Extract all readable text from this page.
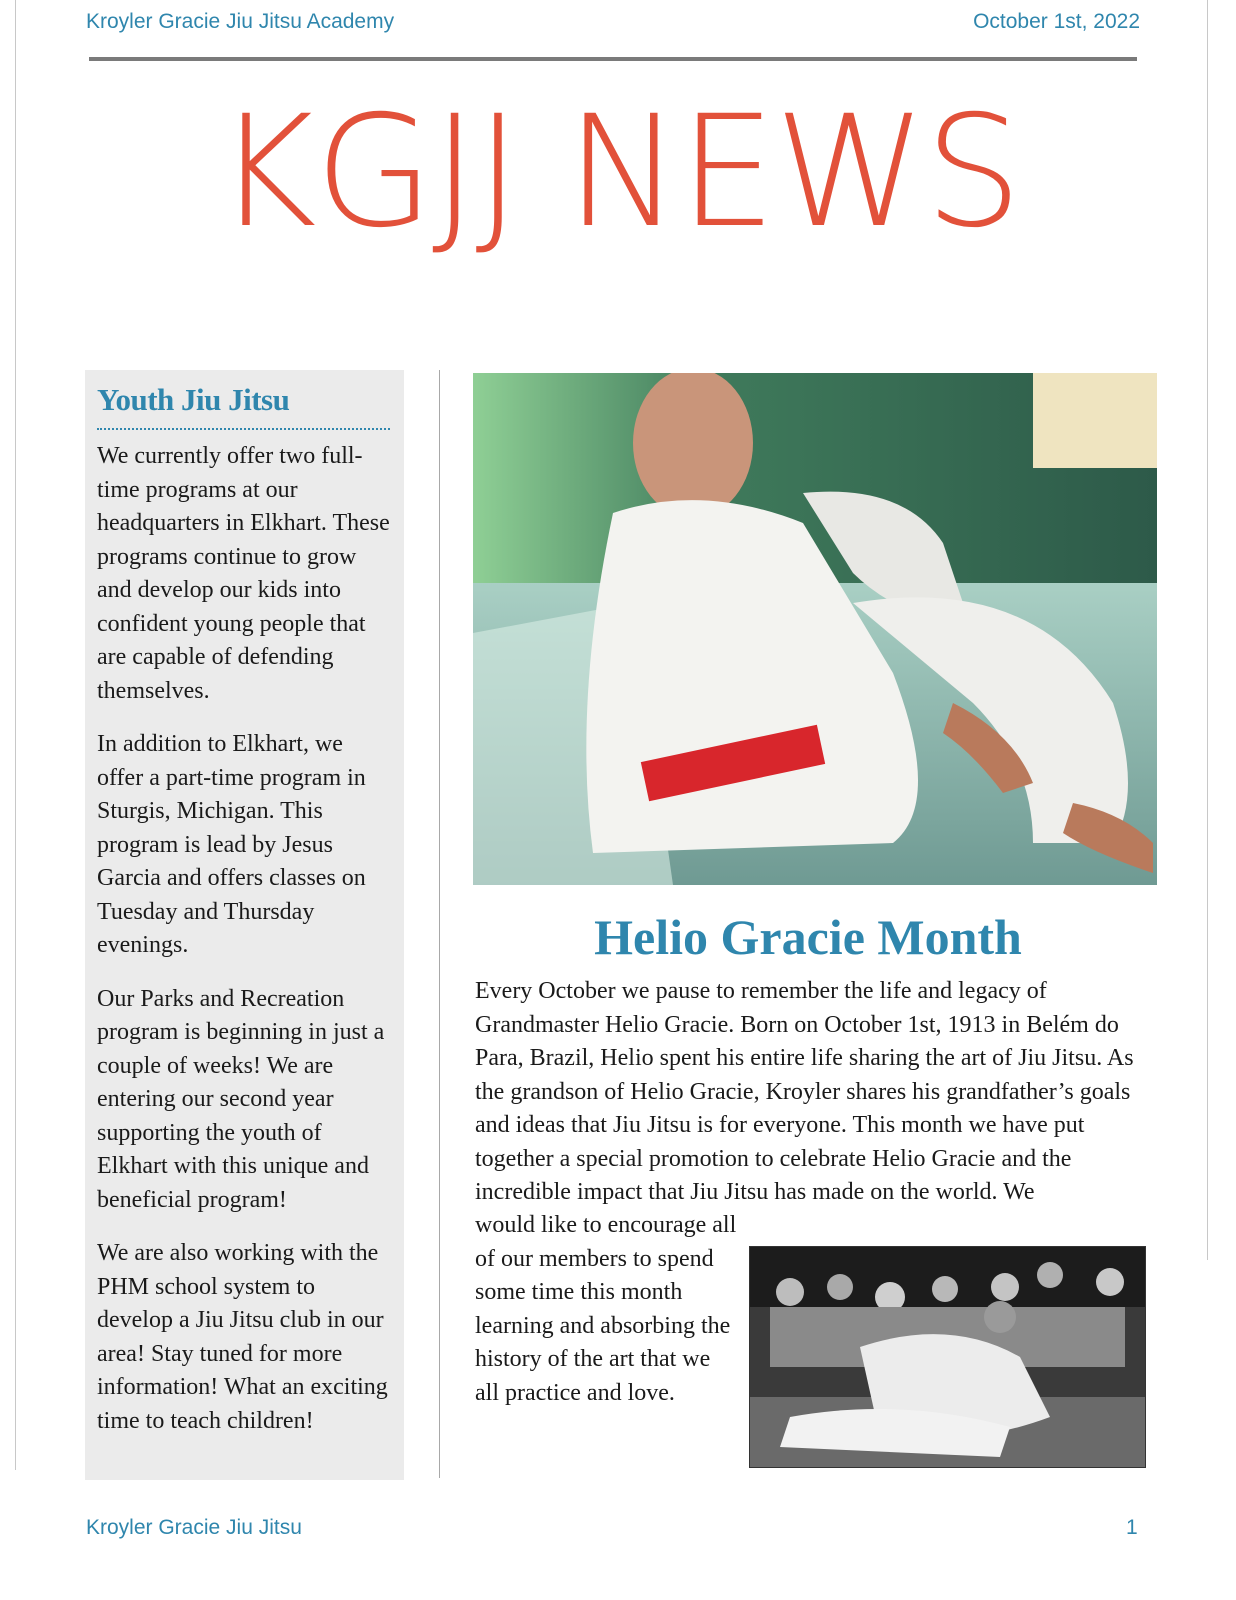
Kroyler Gracie Jiu Jitsu Academy	October 1st, 2022
KGJJ NEWS
Youth Jiu Jitsu

We currently offer two full-time programs at our headquarters in Elkhart. These programs continue to grow and develop our kids into confident young people that are capable of defending themselves.

In addition to Elkhart, we offer a part-time program in Sturgis, Michigan. This program is lead by Jesus Garcia and offers classes on Tuesday and Thursday evenings.

Our Parks and Recreation program is beginning in just a couple of weeks! We are entering our second year supporting the youth of Elkhart with this unique and beneficial program!

We are also working with the PHM school system to develop a Jiu Jitsu club in our area! Stay tuned for more information! What an exciting time to teach children!

Helio Gracie Month

Every October we pause to remember the life and legacy of Grandmaster Helio Gracie. Born on October 1st, 1913 in Belém do Para, Brazil, Helio spent his entire life sharing the art of Jiu Jitsu. As the grandson of Helio Gracie, Kroyler shares his grandfather’s goals and ideas that Jiu Jitsu is for everyone. This month we have put together a special promotion to celebrate Helio Gracie and the incredible impact that Jiu Jitsu has made on the world. We

would like to encourage all of our members to spend some time this month learning and absorbing the history of the art that we all practice and love.

Kroyler Gracie Jiu Jitsu	1
